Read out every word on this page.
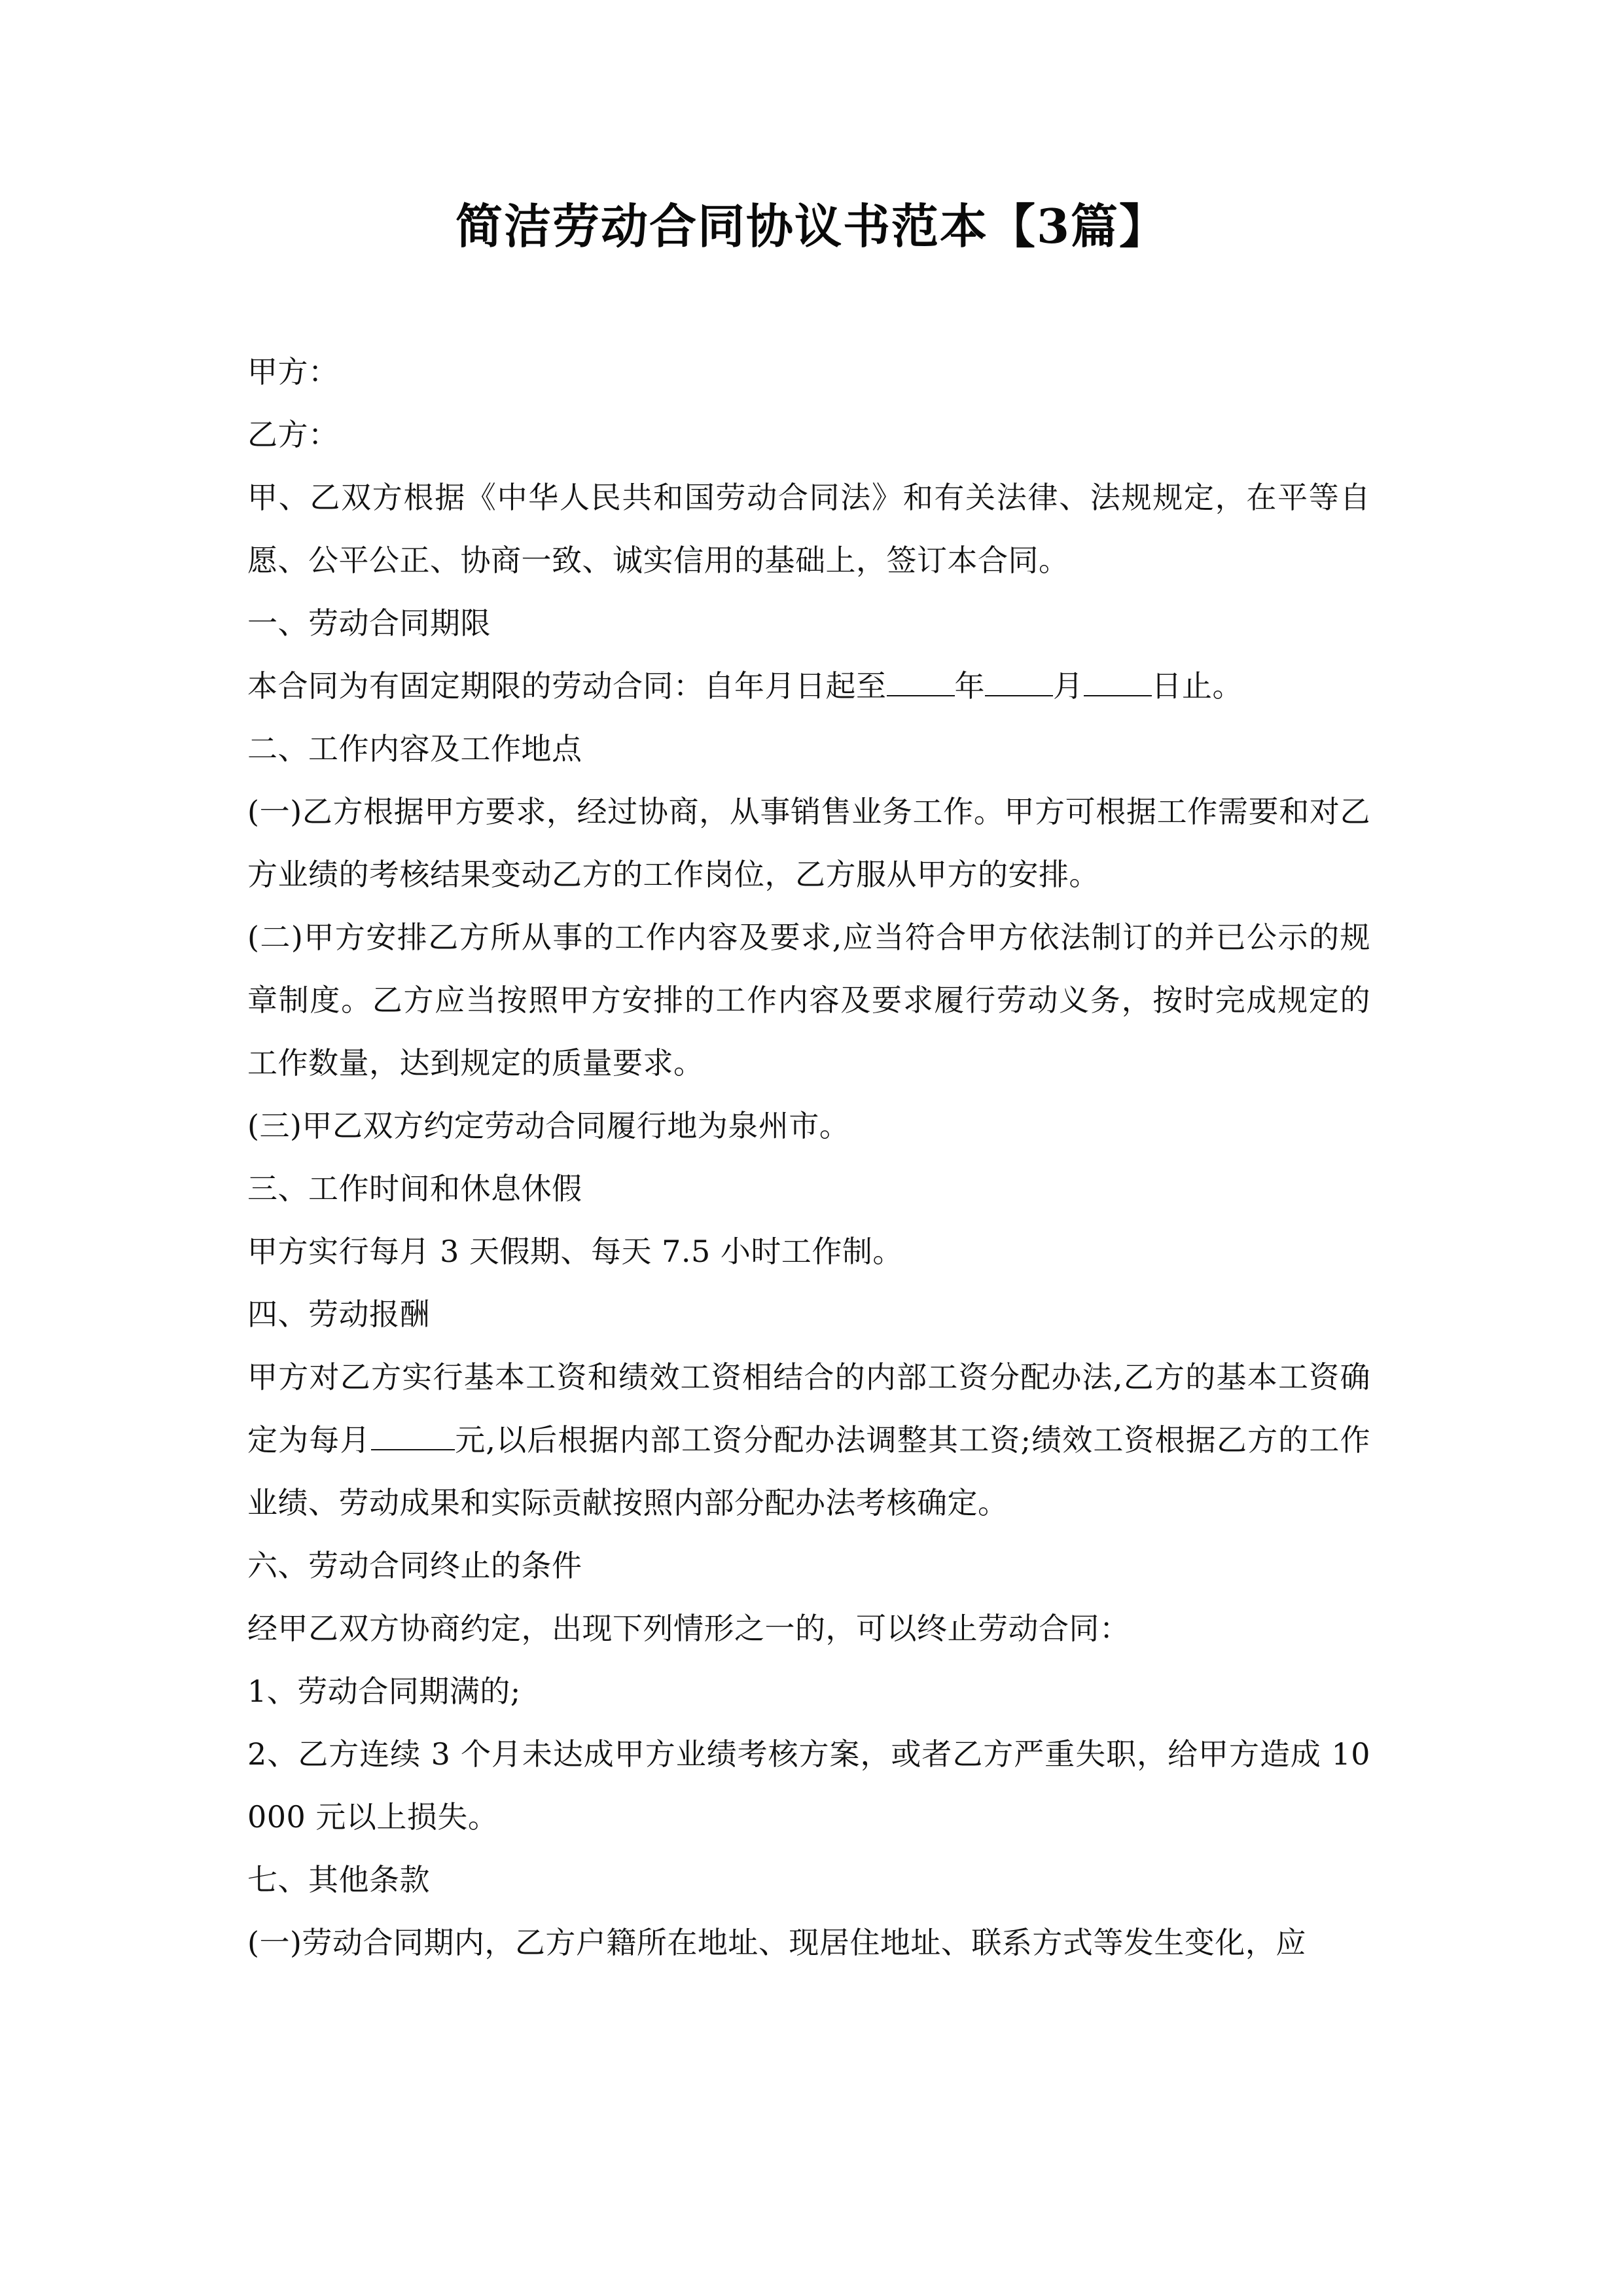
简洁劳动合同协议书范本【3篇】

甲方：

乙方：

甲、乙双方根据《中华人民共和国劳动合同法》和有关法律、法规规定，在平等自愿、公平公正、协商一致、诚实信用的基础上，签订本合同。

一、劳动合同期限

本合同为有固定期限的劳动合同：自年月日起至 年 月 日止。

二、工作内容及工作地点

(一)乙方根据甲方要求，经过协商，从事销售业务工作。甲方可根据工作需要和对乙方业绩的考核结果变动乙方的工作岗位，乙方服从甲方的安排。

(二)甲方安排乙方所从事的工作内容及要求,应当符合甲方依法制订的并已公示的规章制度。乙方应当按照甲方安排的工作内容及要求履行劳动义务，按时完成规定的工作数量，达到规定的质量要求。

(三)甲乙双方约定劳动合同履行地为泉州市。

三、工作时间和休息休假

甲方实行每月 3 天假期、每天 7.5 小时工作制。

四、劳动报酬

甲方对乙方实行基本工资和绩效工资相结合的内部工资分配办法,乙方的基本工资确定为每月	元,以后根据内部工资分配办法调整其工资;绩效工资根据乙方的工作业绩、劳动成果和实际贡献按照内部分配办法考核确定。

六、劳动合同终止的条件

经甲乙双方协商约定，出现下列情形之一的，可以终止劳动合同：

1、劳动合同期满的;

2、乙方连续 3 个月未达成甲方业绩考核方案，或者乙方严重失职，给甲方造成 10000 元以上损失。

七、其他条款

(一)劳动合同期内，乙方户籍所在地址、现居住地址、联系方式等发生变化，应
